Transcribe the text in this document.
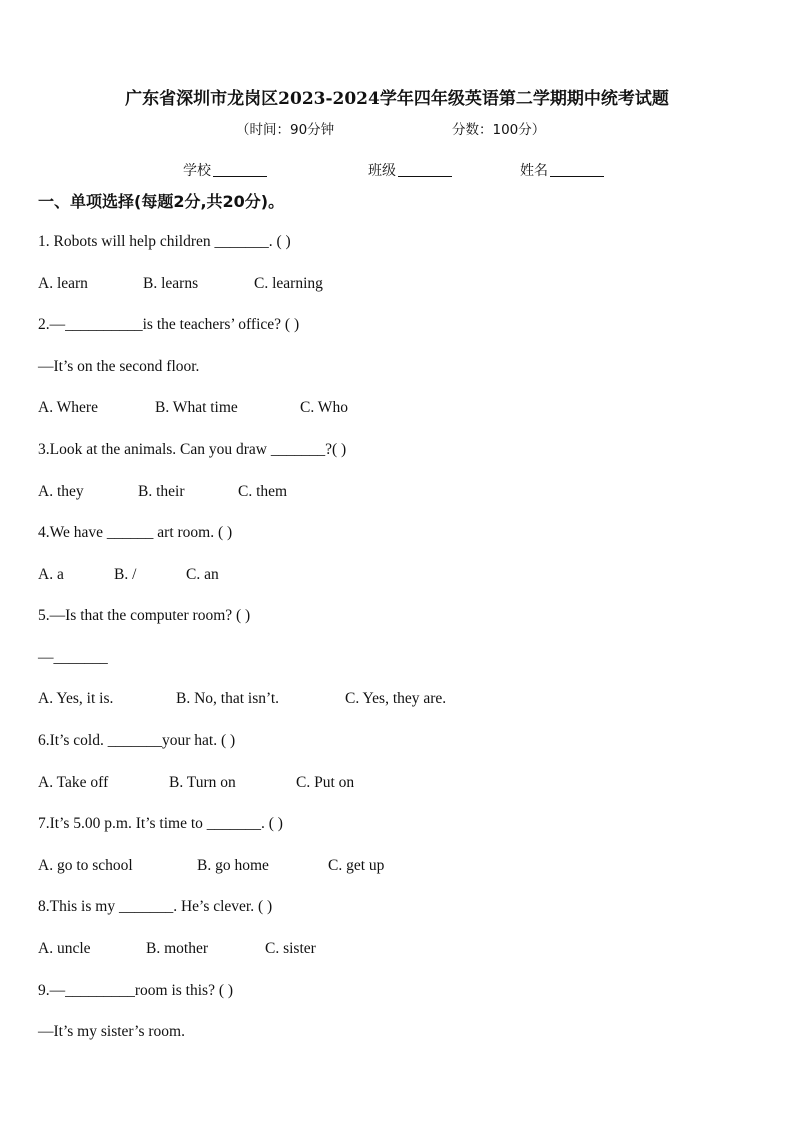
广东省深圳市龙岗区2023-2024学年四年级英语第二学期期中统考试题
（时间：90分钟	分数：100分）
学校	班级	姓名
一、单项选择(每题2分,共20分)。
1. Robots will help children _______. ( )
A. learn	B. learns	C. learning
2.—__________is the teachers’ office? ( )
—It’s on the second floor.
A. Where	B. What time	C. Who
3.Look at the animals. Can you draw _______?( )
A. they	B. their	C. them
4.We have ______ art room. ( )
A. a	B. /	C. an
5.—Is that the computer room? ( )
—_______
A. Yes, it is.	B. No, that isn’t.	C. Yes, they are.
6.It’s cold. _______your hat. ( )
A. Take off	B. Turn on	C. Put on
7.It’s 5.00 p.m. It’s time to _______. ( )
A. go to school	B. go home	C. get up
8.This is my _______. He’s clever. ( )
A. uncle	B. mother	C. sister
9.—_________room is this? ( )
—It’s my sister’s room.
